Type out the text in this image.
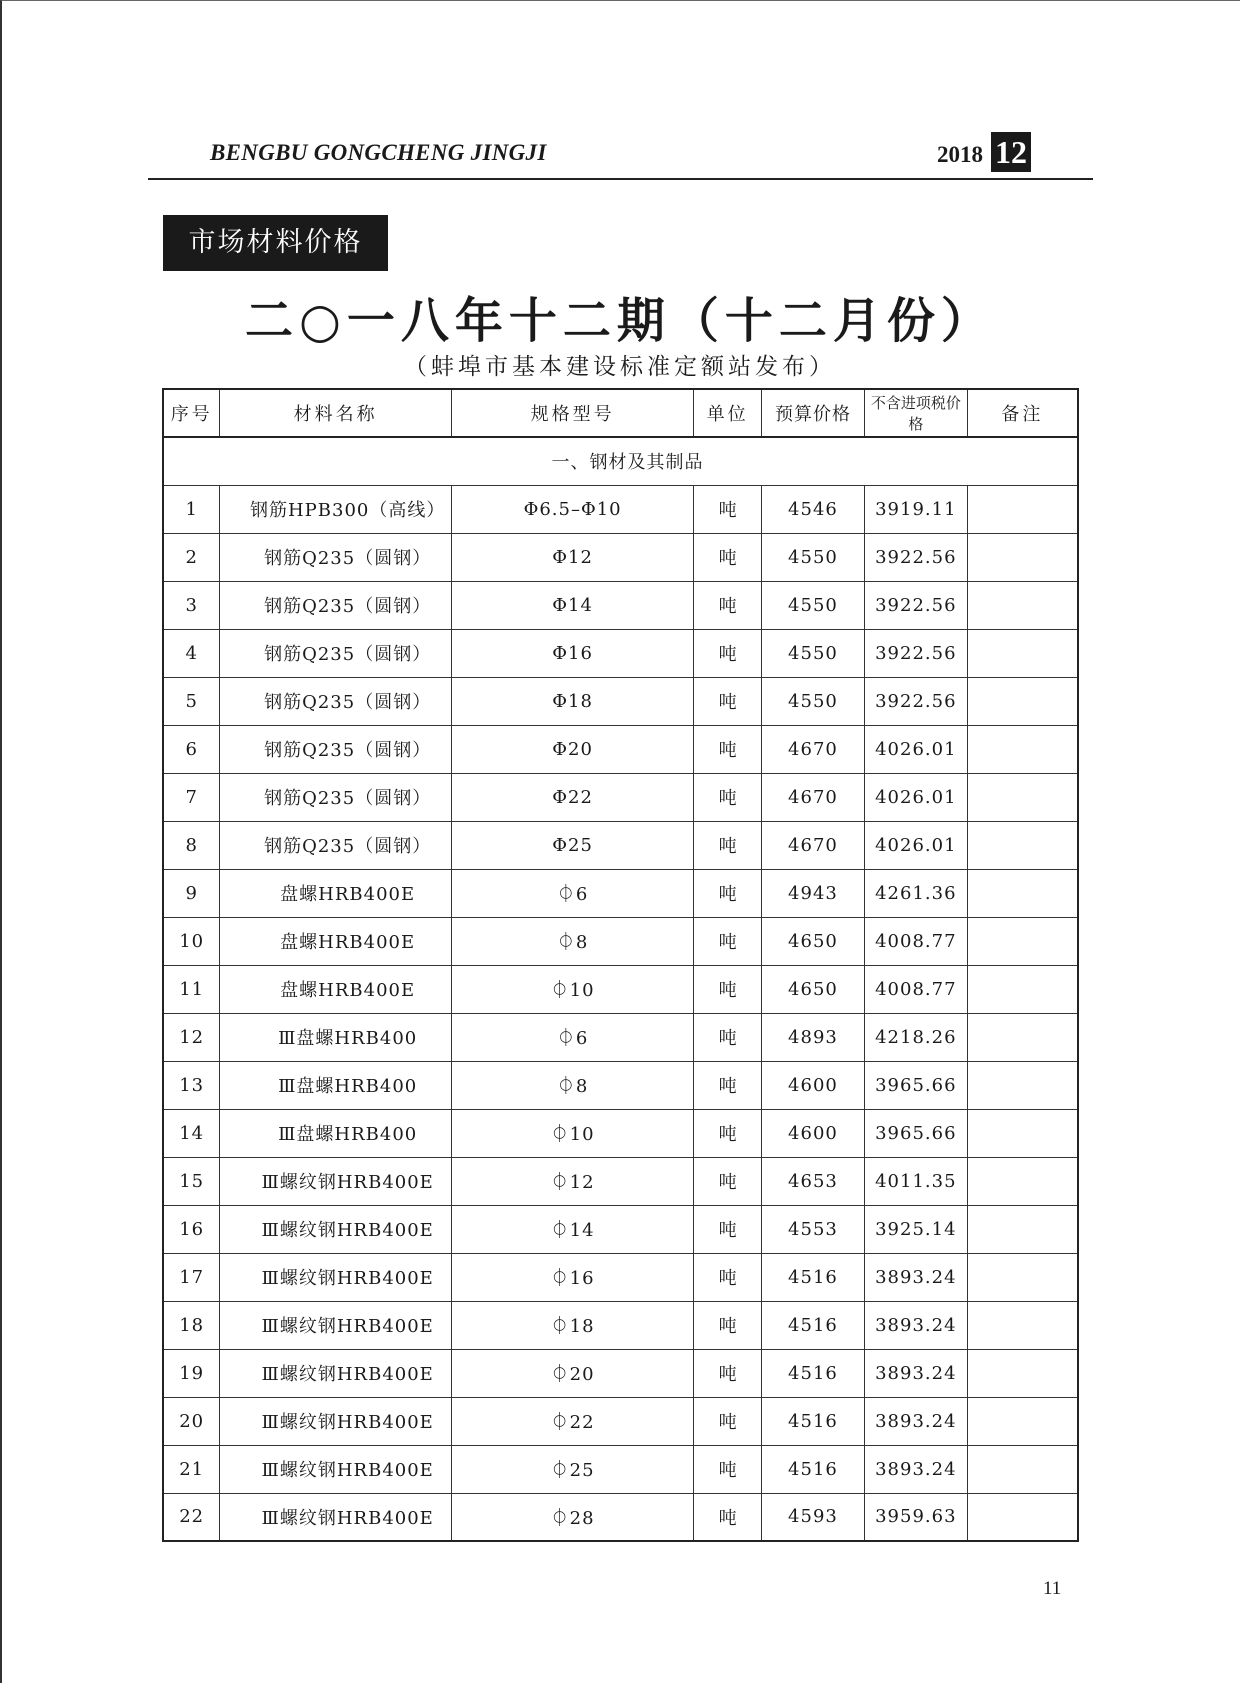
BENGBU GONGCHENG JINGJI	2018 12
市场材料价格
二○一八年十二期（十二月份）
（蚌埠市基本建设标准定额站发布）
序号	材料名称	规格型号	单位	预算价格	不含进项税价格	备注
一、钢材及其制品						
1	钢筋HPB300（高线）	Φ6.5–Φ10	吨	4546	3919.11	
2	钢筋Q235（圆钢）	Φ12	吨	4550	3922.56	
3	钢筋Q235（圆钢）	Φ14	吨	4550	3922.56	
4	钢筋Q235（圆钢）	Φ16	吨	4550	3922.56	
5	钢筋Q235（圆钢）	Φ18	吨	4550	3922.56	
6	钢筋Q235（圆钢）	Φ20	吨	4670	4026.01	
7	钢筋Q235（圆钢）	Φ22	吨	4670	4026.01	
8	钢筋Q235（圆钢）	Φ25	吨	4670	4026.01	
9	盘螺HRB400E	⏀6	吨	4943	4261.36	
10	盘螺HRB400E	⏀8	吨	4650	4008.77	
11	盘螺HRB400E	⏀10	吨	4650	4008.77	
12	Ⅲ盘螺HRB400	⏀6	吨	4893	4218.26	
13	Ⅲ盘螺HRB400	⏀8	吨	4600	3965.66	
14	Ⅲ盘螺HRB400	⏀10	吨	4600	3965.66	
15	Ⅲ螺纹钢HRB400E	⏀12	吨	4653	4011.35	
16	Ⅲ螺纹钢HRB400E	⏀14	吨	4553	3925.14	
17	Ⅲ螺纹钢HRB400E	⏀16	吨	4516	3893.24	
18	Ⅲ螺纹钢HRB400E	⏀18	吨	4516	3893.24	
19	Ⅲ螺纹钢HRB400E	⏀20	吨	4516	3893.24	
20	Ⅲ螺纹钢HRB400E	⏀22	吨	4516	3893.24	
21	Ⅲ螺纹钢HRB400E	⏀25	吨	4516	3893.24	
22	Ⅲ螺纹钢HRB400E	⏀28	吨	4593	3959.63	
11
